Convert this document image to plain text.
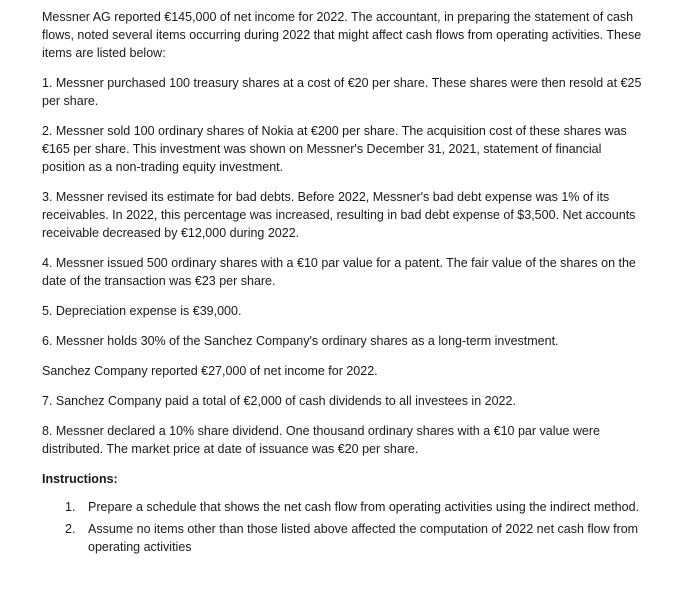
Messner AG reported €145,000 of net income for 2022. The accountant, in preparing the statement of cash flows, noted several items occurring during 2022 that might affect cash flows from operating activities. These items are listed below:

1. Messner purchased 100 treasury shares at a cost of €20 per share. These shares were then resold at €25 per share.

2. Messner sold 100 ordinary shares of Nokia at €200 per share. The acquisition cost of these shares was €165 per share. This investment was shown on Messner's December 31, 2021, statement of financial position as a non-trading equity investment.

3. Messner revised its estimate for bad debts. Before 2022, Messner's bad debt expense was 1% of its receivables. In 2022, this percentage was increased, resulting in bad debt expense of $3,500. Net accounts receivable decreased by €12,000 during 2022.

4. Messner issued 500 ordinary shares with a €10 par value for a patent. The fair value of the shares on the date of the transaction was €23 per share.

5. Depreciation expense is €39,000.

6. Messner holds 30% of the Sanchez Company's ordinary shares as a long-term investment.

Sanchez Company reported €27,000 of net income for 2022.

7. Sanchez Company paid a total of €2,000 of cash dividends to all investees in 2022.

8. Messner declared a 10% share dividend. One thousand ordinary shares with a €10 par value were distributed. The market price at date of issuance was €20 per share.

Instructions:

1. Prepare a schedule that shows the net cash flow from operating activities using the indirect method.
2. Assume no items other than those listed above affected the computation of 2022 net cash flow from operating activities
